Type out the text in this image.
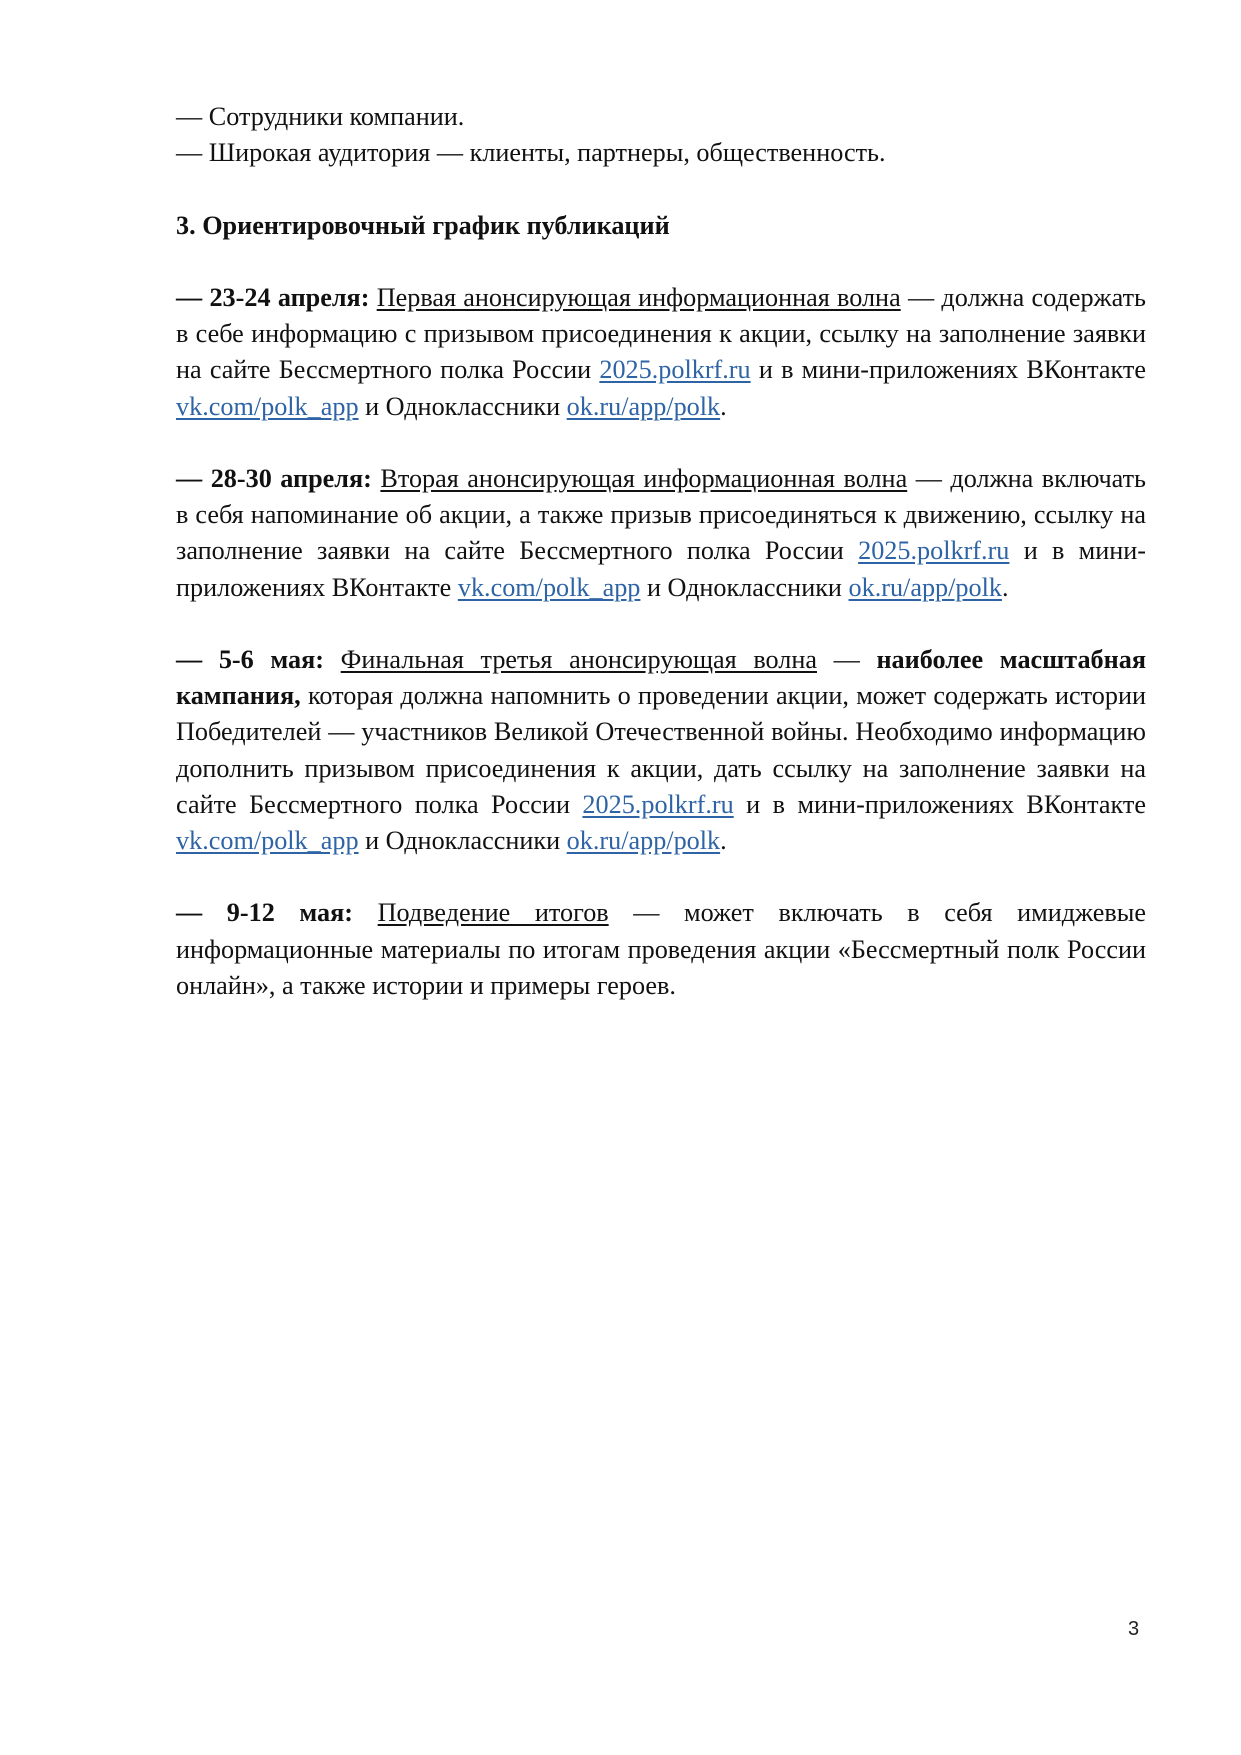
— Сотрудники компании.

— Широкая аудитория — клиенты, партнеры, общественность.

3. Ориентировочный график публикаций

— 23-24 апреля: Первая анонсирующая информационная волна — должна содержать в себе информацию с призывом присоединения к акции, ссылку на заполнение заявки на сайте Бессмертного полка России 2025.polkrf.ru и в мини-приложениях ВКонтакте vk.com/polk_app и Одноклассники ok.ru/app/polk.

— 28-30 апреля: Вторая анонсирующая информационная волна — должна включать в себя напоминание об акции, а также призыв присоединяться к движению, ссылку на заполнение заявки на сайте Бессмертного полка России 2025.polkrf.ru и в мини-приложениях ВКонтакте vk.com/polk_app и Одноклассники ok.ru/app/polk.

— 5-6 мая: Финальная третья анонсирующая волна — наиболее масштабная кампания, которая должна напомнить о проведении акции, может содержать истории Победителей — участников Великой Отечественной войны. Необходимо информацию дополнить призывом присоединения к акции, дать ссылку на заполнение заявки на сайте Бессмертного полка России 2025.polkrf.ru и в мини-приложениях ВКонтакте vk.com/polk_app и Одноклассники ok.ru/app/polk.

— 9-12 мая: Подведение итогов — может включать в себя имиджевые информационные материалы по итогам проведения акции «Бессмертный полк России онлайн», а также истории и примеры героев.

3
